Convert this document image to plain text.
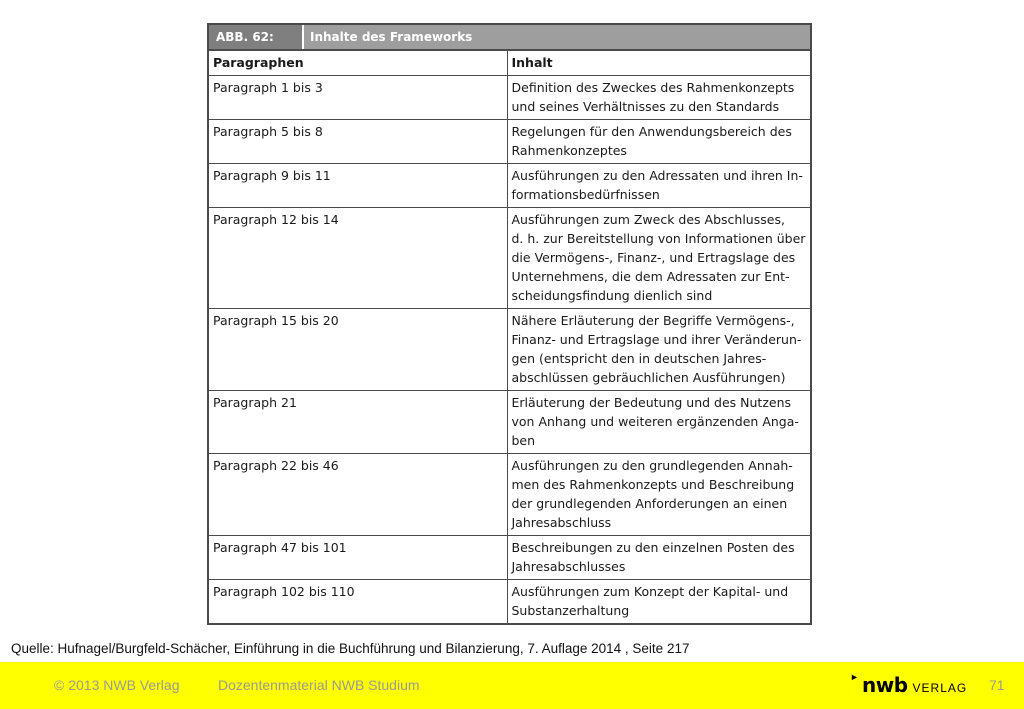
ABB. 62:	Inhalte des Frameworks
Paragraphen	Inhalt
Paragraph 1 bis 3	Definition des Zweckes des Rahmenkonzepts
und seines Verhältnisses zu den Standards
Paragraph 5 bis 8	Regelungen für den Anwendungsbereich des
Rahmenkonzeptes
Paragraph 9 bis 11	Ausführungen zu den Adressaten und ihren In-
formationsbedürfnissen
Paragraph 12 bis 14	Ausführungen zum Zweck des Abschlusses,
d. h. zur Bereitstellung von Informationen über
die Vermögens-, Finanz-, und Ertragslage des
Unternehmens, die dem Adressaten zur Ent-
scheidungsfindung dienlich sind
Paragraph 15 bis 20	Nähere Erläuterung der Begriffe Vermögens-,
Finanz- und Ertragslage und ihrer Veränderun-
gen (entspricht den in deutschen Jahres-
abschlüssen gebräuchlichen Ausführungen)
Paragraph 21	Erläuterung der Bedeutung und des Nutzens
von Anhang und weiteren ergänzenden Anga-
ben
Paragraph 22 bis 46	Ausführungen zu den grundlegenden Annah-
men des Rahmenkonzepts und Beschreibung
der grundlegenden Anforderungen an einen
Jahresabschluss
Paragraph 47 bis 101	Beschreibungen zu den einzelnen Posten des
Jahresabschlusses
Paragraph 102 bis 110	Ausführungen zum Konzept der Kapital- und
Substanzerhaltung
Quelle: Hufnagel/Burgfeld-Schächer, Einführung in die Buchführung und Bilanzierung, 7. Auflage 2014 , Seite 217
© 2013 NWB Verlag	Dozentenmaterial NWB Studium	► nwb VERLAG 71
